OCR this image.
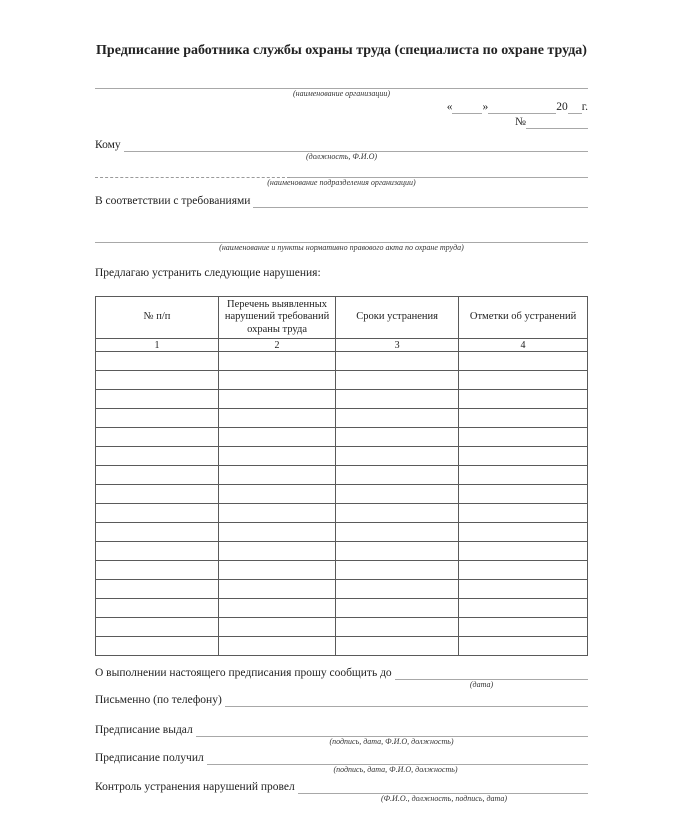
Предписание работника службы охраны труда (специалиста по охране труда)
(наименование организации)
«	»	20 г.
№
Кому

(должность, Ф.И.О)
(наименование подразделения организации)
В соответствии с требованиями

(наименование и пункты нормативно правового акта по охране труда)
Предлагаю устранить следующие нарушения:
№ п/п	Перечень выявленных нарушений требований охраны труда	Сроки устранения	Отметки об устранений
1	2	3	4

О выполнении настоящего предписания прошу сообщить до

(дата)
Письменно (по телефону)

Предписание выдал

(подпись, дата, Ф.И.О, должность)
Предписание получил

(подпись, дата, Ф.И.О, должность)
Контроль устранения нарушений провел

(Ф.И.О., должность, подпись, дата)
